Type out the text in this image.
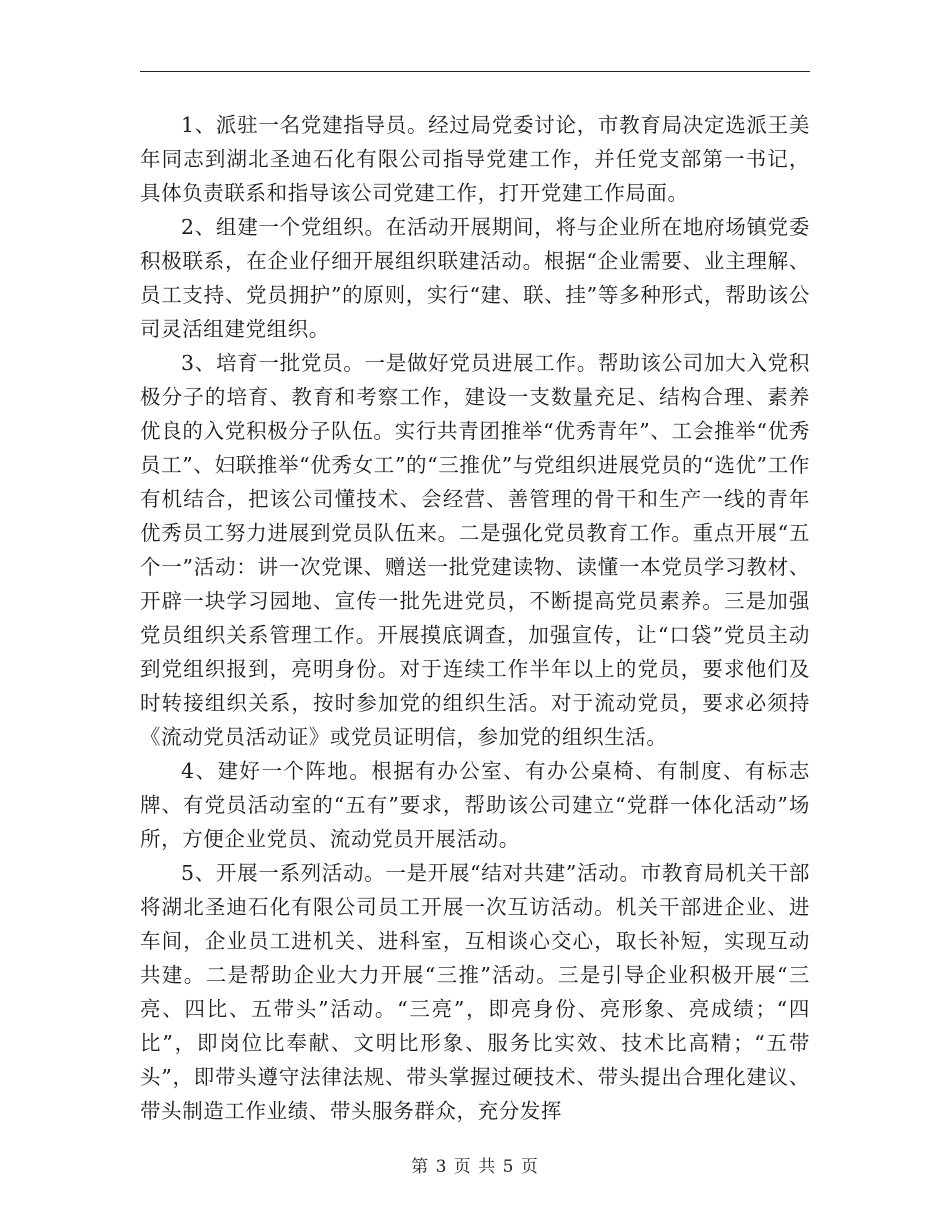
1、派驻一名党建指导员。经过局党委讨论，市教育局决定选派王美年同志到湖北圣迪石化有限公司指导党建工作，并任党支部第一书记，具体负责联系和指导该公司党建工作，打开党建工作局面。

2、组建一个党组织。在活动开展期间，将与企业所在地府场镇党委积极联系，在企业仔细开展组织联建活动。根据“企业需要、业主理解、员工支持、党员拥护”的原则，实行“建、联、挂”等多种形式，帮助该公司灵活组建党组织。

3、培育一批党员。一是做好党员进展工作。帮助该公司加大入党积极分子的培育、教育和考察工作，建设一支数量充足、结构合理、素养优良的入党积极分子队伍。实行共青团推举“优秀青年”、工会推举“优秀员工”、妇联推举“优秀女工”的“三推优”与党组织进展党员的“选优”工作有机结合，把该公司懂技术、会经营、善管理的骨干和生产一线的青年优秀员工努力进展到党员队伍来。二是强化党员教育工作。重点开展“五个一”活动：讲一次党课、赠送一批党建读物、读懂一本党员学习教材、开辟一块学习园地、宣传一批先进党员，不断提高党员素养。三是加强党员组织关系管理工作。开展摸底调查，加强宣传，让“口袋”党员主动到党组织报到，亮明身份。对于连续工作半年以上的党员，要求他们及时转接组织关系，按时参加党的组织生活。对于流动党员，要求必须持《流动党员活动证》或党员证明信，参加党的组织生活。

4、建好一个阵地。根据有办公室、有办公桌椅、有制度、有标志牌、有党员活动室的“五有”要求，帮助该公司建立“党群一体化活动”场所，方便企业党员、流动党员开展活动。

5、开展一系列活动。一是开展“结对共建”活动。市教育局机关干部将湖北圣迪石化有限公司员工开展一次互访活动。机关干部进企业、进车间，企业员工进机关、进科室，互相谈心交心，取长补短，实现互动共建。二是帮助企业大力开展“三推”活动。三是引导企业积极开展“三亮、四比、五带头”活动。“三亮”，即亮身份、亮形象、亮成绩；“四比”，即岗位比奉献、文明比形象、服务比实效、技术比高精；“五带头”，即带头遵守法律法规、带头掌握过硬技术、带头提出合理化建议、带头制造工作业绩、带头服务群众，充分发挥

第 3 页 共 5 页
